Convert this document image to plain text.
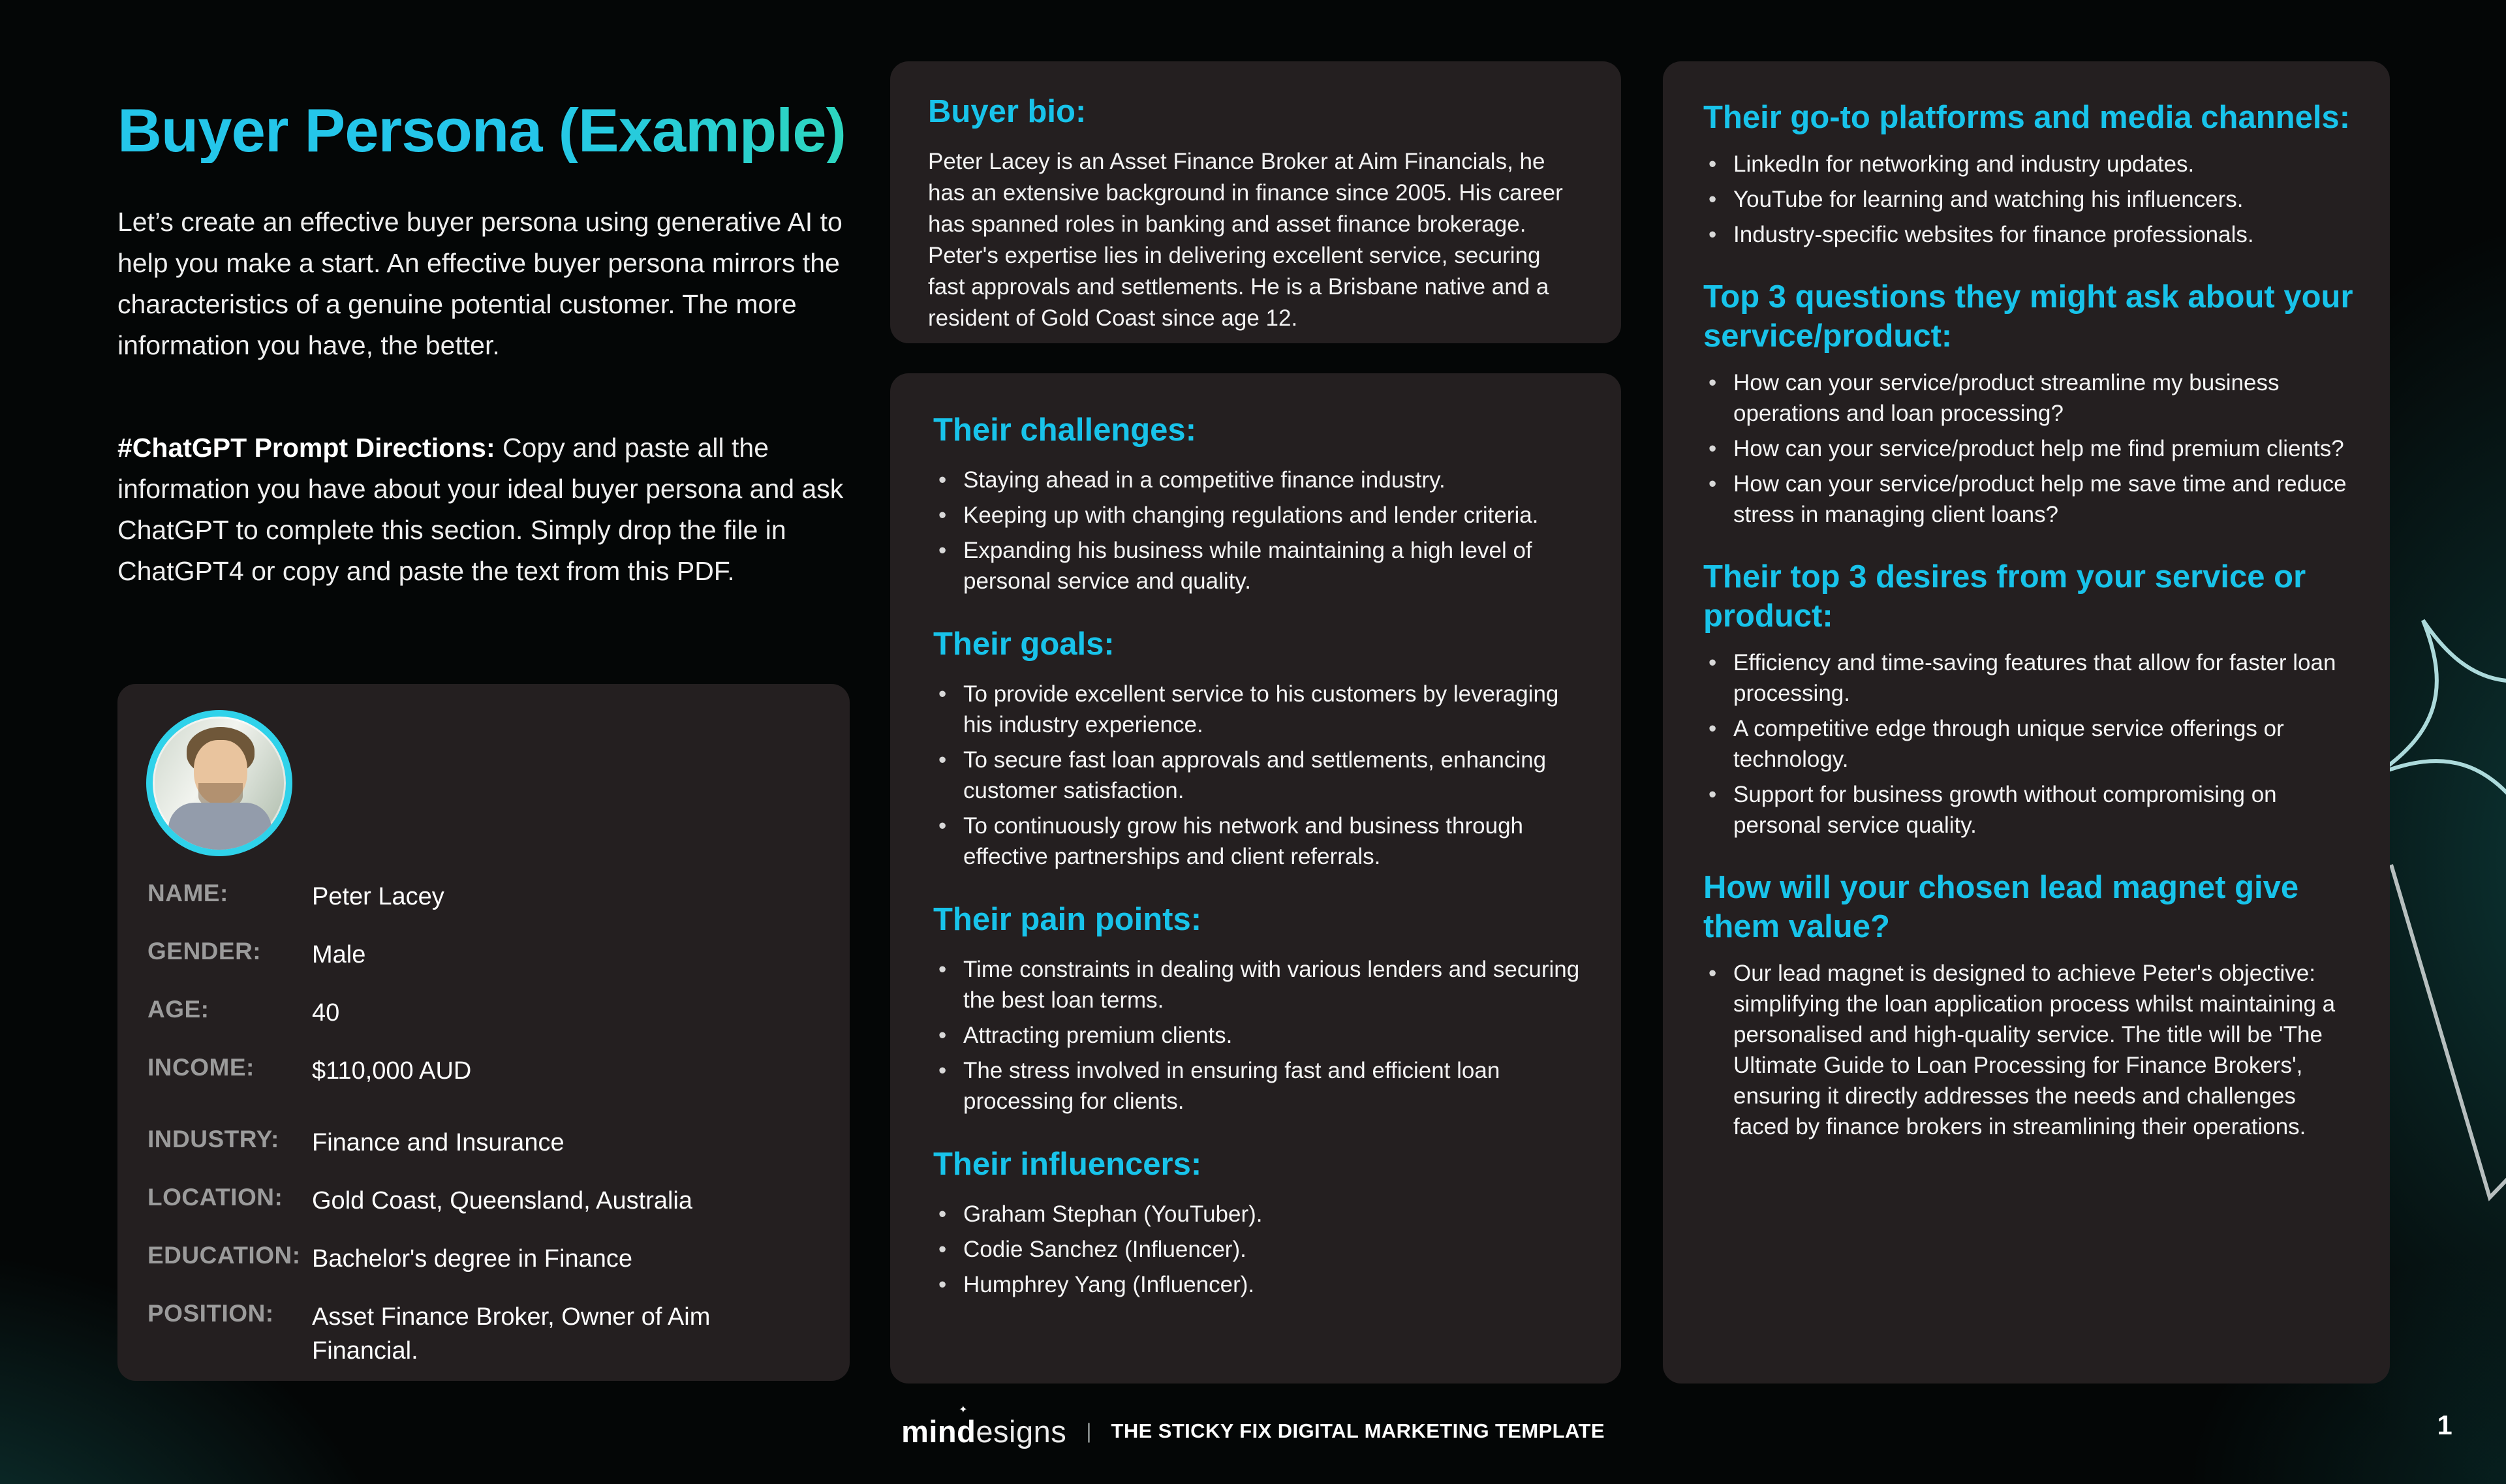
Buyer Persona (Example)

Let’s create an effective buyer persona using generative AI to help you make a start. An effective buyer persona mirrors the characteristics of a genuine potential customer. The more information you have, the better.

#ChatGPT Prompt Directions: Copy and paste all the information you have about your ideal buyer persona and ask ChatGPT to complete this section. Simply drop the file in ChatGPT4 or copy and paste the text from this PDF.

NAME:	Peter Lacey
GENDER:	Male
AGE:	40
INCOME:	$110,000 AUD
INDUSTRY:	Finance and Insurance
LOCATION:	Gold Coast, Queensland, Australia
EDUCATION: Bachelor's degree in Finance
POSITION:	Asset Finance Broker, Owner of Aim Financial.
Buyer bio:

Peter Lacey is an Asset Finance Broker at Aim Financials, he has an extensive background in finance since 2005. His career has spanned roles in banking and asset finance brokerage. Peter's expertise lies in delivering excellent service, securing fast approvals and settlements. He is a Brisbane native and a resident of Gold Coast since age 12.

Their challenges:
• Staying ahead in a competitive finance industry.
• Keeping up with changing regulations and lender criteria.
• Expanding his business while maintaining a high level of personal service and quality.
Their goals:
• To provide excellent service to his customers by leveraging his industry experience.
• To secure fast loan approvals and settlements, enhancing customer satisfaction.
• To continuously grow his network and business through effective partnerships and client referrals.
Their pain points:
• Time constraints in dealing with various lenders and securing the best loan terms.
• Attracting premium clients.
• The stress involved in ensuring fast and efficient loan processing for clients.
Their influencers:
• Graham Stephan (YouTuber).
• Codie Sanchez (Influencer).
• Humphrey Yang (Influencer).
Their go-to platforms and media channels:
• LinkedIn for networking and industry updates.
• YouTube for learning and watching his influencers.
• Industry-specific websites for finance professionals.
Top 3 questions they might ask about your service/product:
• How can your service/product streamline my business operations and loan processing?
• How can your service/product help me find premium clients?
• How can your service/product help me save time and reduce stress in managing client loans?
Their top 3 desires from your service or product:
• Efficiency and time-saving features that allow for faster loan processing.
• A competitive edge through unique service offerings or technology.
• Support for business growth without compromising on personal service quality.
How will your chosen lead magnet give them value?
• Our lead magnet is designed to achieve Peter's objective: simplifying the loan application process whilst maintaining a personalised and high-quality service. The title will be 'The Ultimate Guide to Loan Processing for Finance Brokers', ensuring it directly addresses the needs and challenges faced by finance brokers in streamlining their operations.
mindesigns
✦
| THE STICKY FIX DIGITAL MARKETING TEMPLATE	1
